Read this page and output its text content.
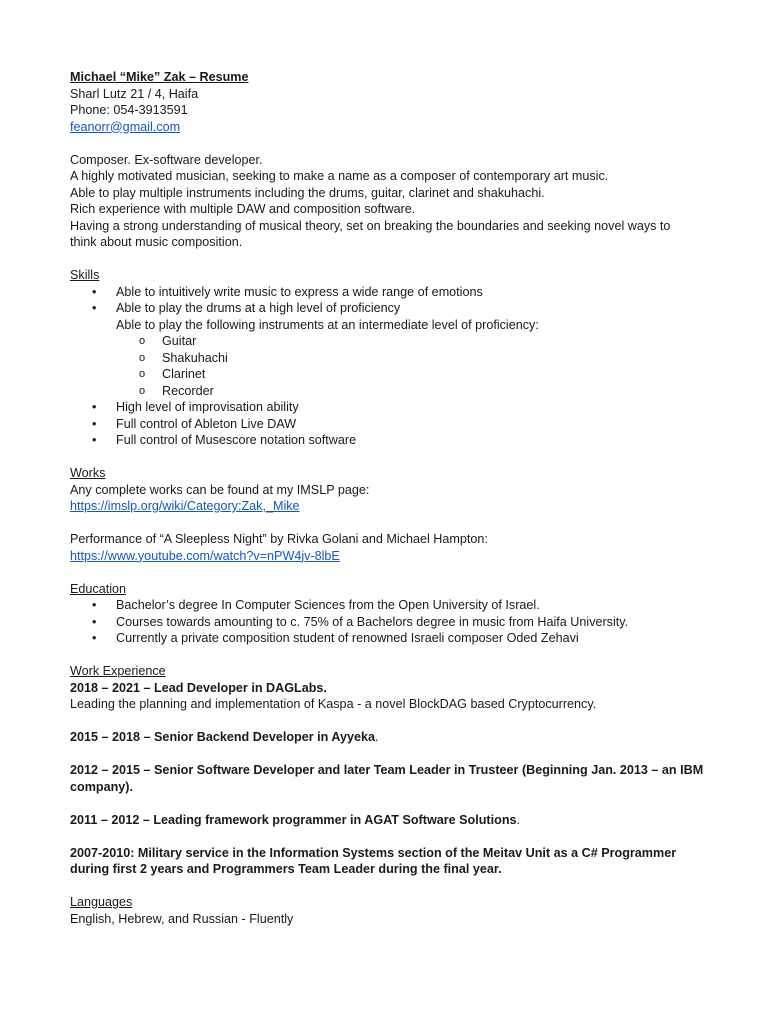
Michael “Mike” Zak – Resume

Sharl Lutz 21 / 4, Haifa

Phone: 054-3913591

feanorr@gmail.com

Composer. Ex-software developer.

A highly motivated musician, seeking to make a name as a composer of contemporary art music.

Able to play multiple instruments including the drums, guitar, clarinet and shakuhachi.

Rich experience with multiple DAW and composition software.

Having a strong understanding of musical theory, set on breaking the boundaries and seeking novel ways to

think about music composition.

Skills

• Able to intuitively write music to express a wide range of emotions
• Able to play the drums at a high level of proficiency
Able to play the following instruments at an intermediate level of proficiency:
o Guitar
o Shakuhachi
o Clarinet
o Recorder
• High level of improvisation ability
• Full control of Ableton Live DAW
• Full control of Musescore notation software

Works

Any complete works can be found at my IMSLP page:

https://imslp.org/wiki/Category:Zak,_Mike

Performance of “A Sleepless Night” by Rivka Golani and Michael Hampton:

https://www.youtube.com/watch?v=nPW4jv-8lbE

Education

• Bachelor’s degree In Computer Sciences from the Open University of Israel.
• Courses towards amounting to c. 75% of a Bachelors degree in music from Haifa University.
• Currently a private composition student of renowned Israeli composer Oded Zehavi

Work Experience

2018 – 2021 – Lead Developer in DAGLabs.

Leading the planning and implementation of Kaspa - a novel BlockDAG based Cryptocurrency.

2015 – 2018 – Senior Backend Developer in Ayyeka.

2012 – 2015 – Senior Software Developer and later Team Leader in Trusteer (Beginning Jan. 2013 – an IBM

company).

2011 – 2012 – Leading framework programmer in AGAT Software Solutions.

2007-2010: Military service in the Information Systems section of the Meitav Unit as a C# Programmer

during first 2 years and Programmers Team Leader during the final year.

Languages

English, Hebrew, and Russian - Fluently
